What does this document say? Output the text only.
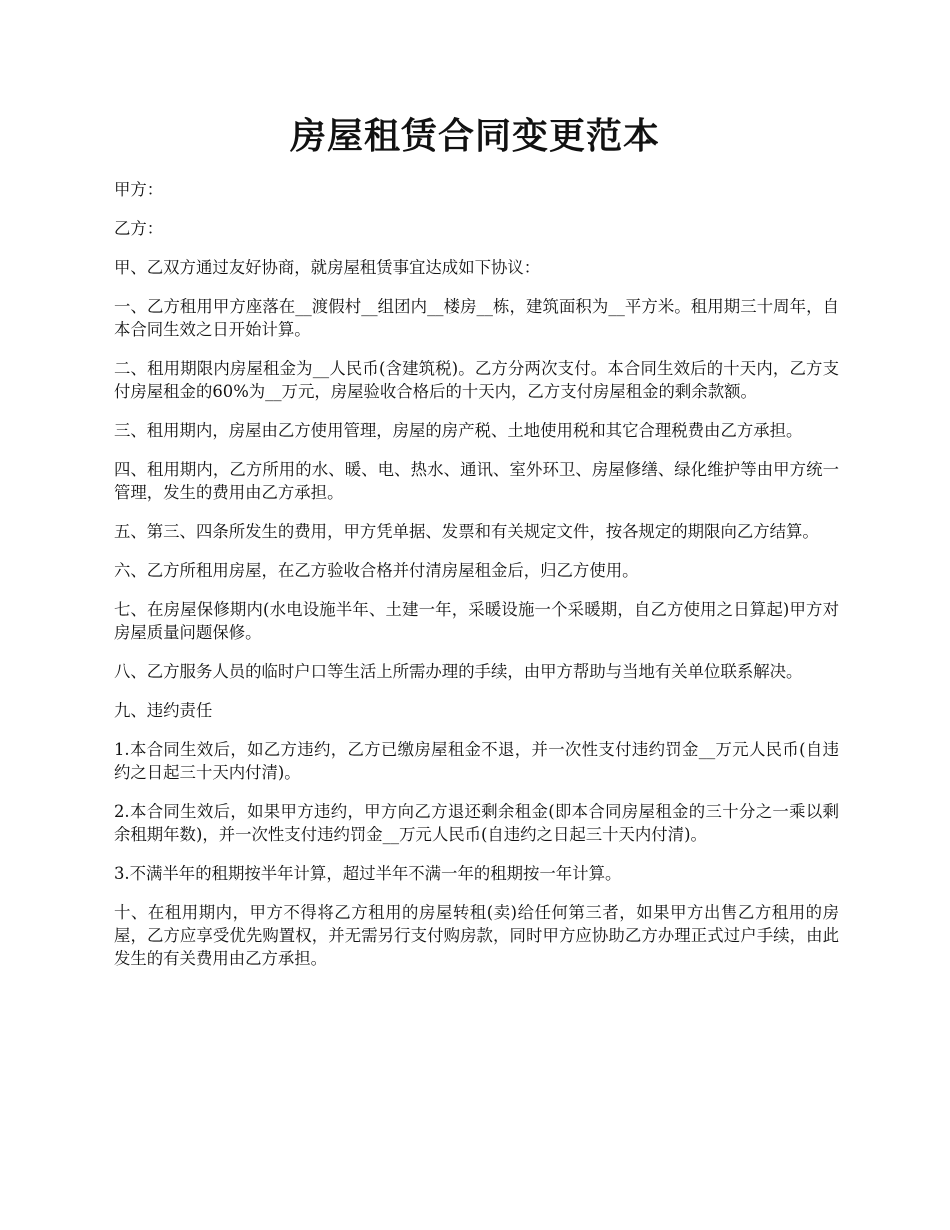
房屋租赁合同变更范本

甲方：

乙方：

甲、乙双方通过友好协商，就房屋租赁事宜达成如下协议：

一、乙方租用甲方座落在__渡假村__组团内__楼房__栋，建筑面积为__平方米。租用期三十周年，自本合同生效之日开始计算。

二、租用期限内房屋租金为__人民币(含建筑税)。乙方分两次支付。本合同生效后的十天内，乙方支付房屋租金的60%为__万元，房屋验收合格后的十天内，乙方支付房屋租金的剩余款额。

三、租用期内，房屋由乙方使用管理，房屋的房产税、土地使用税和其它合理税费由乙方承担。

四、租用期内，乙方所用的水、暖、电、热水、通讯、室外环卫、房屋修缮、绿化维护等由甲方统一管理，发生的费用由乙方承担。

五、第三、四条所发生的费用，甲方凭单据、发票和有关规定文件，按各规定的期限向乙方结算。

六、乙方所租用房屋，在乙方验收合格并付清房屋租金后，归乙方使用。

七、在房屋保修期内(水电设施半年、土建一年，采暖设施一个采暖期，自乙方使用之日算起)甲方对房屋质量问题保修。

八、乙方服务人员的临时户口等生活上所需办理的手续，由甲方帮助与当地有关单位联系解决。

九、违约责任

1.本合同生效后，如乙方违约，乙方已缴房屋租金不退，并一次性支付违约罚金__万元人民币(自违约之日起三十天内付清)。

2.本合同生效后，如果甲方违约，甲方向乙方退还剩余租金(即本合同房屋租金的三十分之一乘以剩余租期年数)，并一次性支付违约罚金__万元人民币(自违约之日起三十天内付清)。

3.不满半年的租期按半年计算，超过半年不满一年的租期按一年计算。

十、在租用期内，甲方不得将乙方租用的房屋转租(卖)给任何第三者，如果甲方出售乙方租用的房屋，乙方应享受优先购置权，并无需另行支付购房款，同时甲方应协助乙方办理正式过户手续，由此发生的有关费用由乙方承担。
